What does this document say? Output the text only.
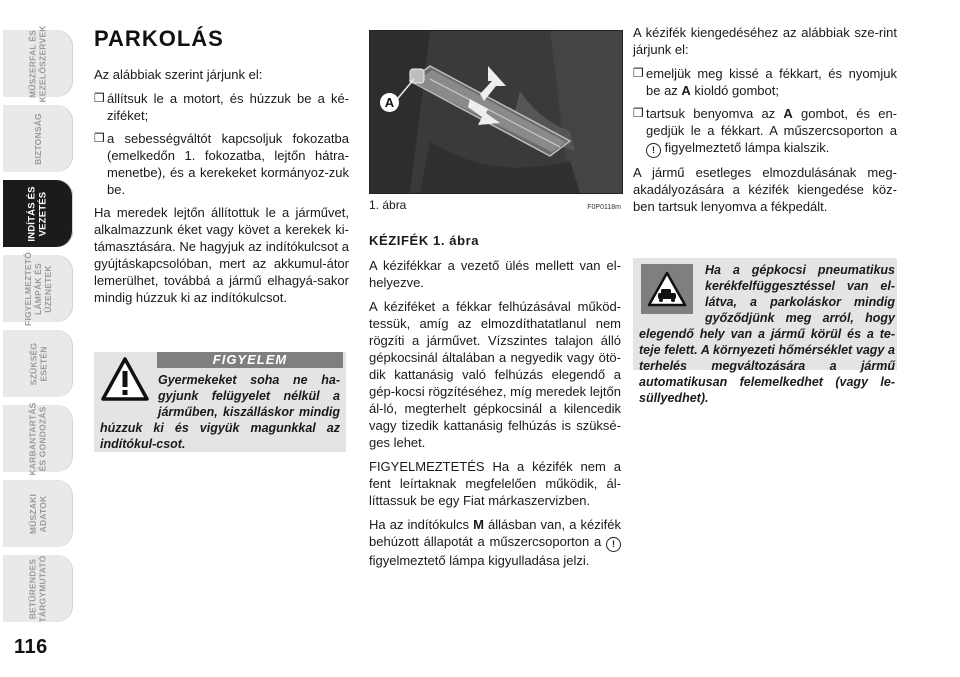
MŰSZERFAL ÉS
KEZELŐSZERVEK
BIZTONSÁG
INDÍTÁS ÉS
VEZETÉS
FIGYELMEZTETŐ
LÁMPÁK ÉS
ÜZENETEK
SZÜKSÉG
ESETÉN
KARBANTARTÁS
ÉS GONDOZÁS
MŰSZAKI
ADATOK
BETŰRENDES
TÁRGYMUTATÓ
116
PARKOLÁS

Az alábbiak szerint járjunk el:

❒ állítsuk le a motort, és húzzuk be a ké-ziféket;
❒ a sebességváltót kapcsoljuk fokozatba (emelkedőn 1. fokozatba, lejtőn hátra-menetbe), és a kerekeket kormányoz-zuk be.

Ha meredek lejtőn állítottuk le a járművet, alkalmazzunk éket vagy követ a kerekek ki-támasztására. Ne hagyjuk az indítókulcsot a gyújtáskapcsolóban, mert az akkumul-átor lemerülhet, továbbá a jármű elhagyá-sakor mindig húzzuk ki az indítókulcsot.

FIGYELEM
Gyermekeket soha ne ha-gyjunk felügyelet nélkül a járműben, kiszálláskor mindig húzzuk ki és vigyük magunkkal az indítókul-csot.
A
1. ábra	F0P0118m
KÉZIFÉK 1. ábra

A kézifékkar a vezető ülés mellett van el-helyezve.

A kéziféket a fékkar felhúzásával működ-tessük, amíg az elmozdíthatatlanul nem rögzíti a járművet. Vízszintes talajon álló gépkocsinál általában a negyedik vagy ötö-dik kattanásig való felhúzás elegendő a gép-kocsi rögzítéséhez, míg meredek lejtőn ál-ló, megterhelt gépkocsinál a kilencedik vagy tizedik kattanásig felhúzás is szüksé-ges lehet.

FIGYELMEZTETÉS Ha a kézifék nem a fent leírtaknak megfelelően működik, ál-líttassuk be egy Fiat márkaszervizben.

Ha az indítókulcs M állásban van, a kézifék behúzott állapotát a műszercsoporton a ! figyelmeztető lámpa kigyulladása jelzi.

A kézifék kiengedéséhez az alábbiak sze-rint járjunk el:

❒ emeljük meg kissé a fékkart, és nyomjuk be az A kioldó gombot;
❒ tartsuk benyomva az A gombot, és en-gedjük le a fékkart. A műszercsoporton a ! figyelmeztető lámpa kialszik.

A jármű esetleges elmozdulásának meg-akadályozására a kézifék kiengedése köz-ben tartsuk lenyomva a fékpedált.

Ha a gépkocsi pneumatikus kerékfelfüggesztéssel van el-látva, a parkoláskor mindig győződjünk meg arról, hogy elegendő hely van a jármű körül és a te-teje felett. A környezeti hőmérséklet vagy a terhelés megváltozására a jármű automatikusan felemelkedhet (vagy le-süllyedhet).
